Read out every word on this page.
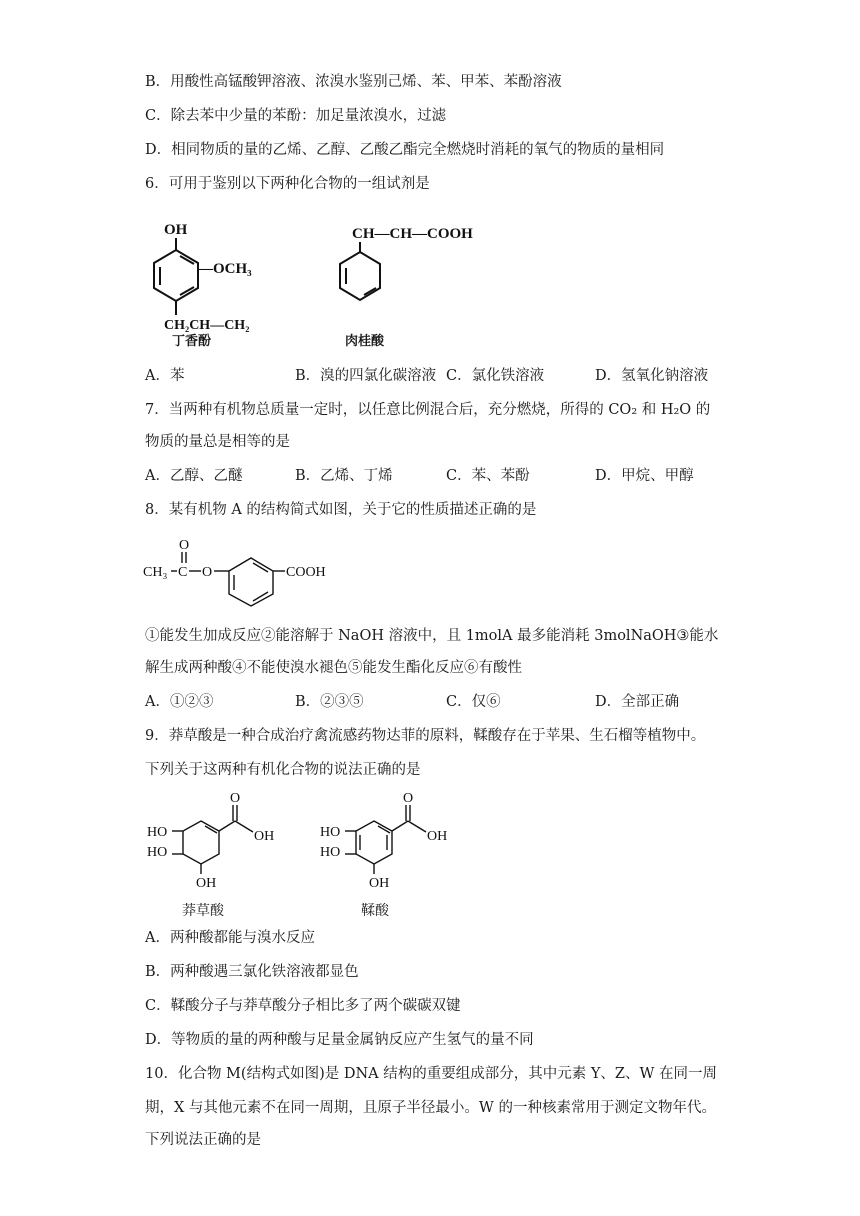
B．用酸性高锰酸钾溶液、浓溴水鉴别己烯、苯、甲苯、苯酚溶液
C．除去苯中少量的苯酚：加足量浓溴水，过滤
D．相同物质的量的乙烯、乙醇、乙酸乙酯完全燃烧时消耗的氧气的物质的量相同
6．可用于鉴别以下两种化合物的一组试剂是
OH
—OCH₃
CH₂CH—CH₂
丁香酚
CH—CH—COOH
肉桂酸
A．苯	B．溴的四氯化碳溶液 C．氯化铁溶液	D．氢氧化钠溶液
7．当两种有机物总质量一定时，以任意比例混合后，充分燃烧，所得的 CO₂ 和 H₂O 的
物质的量总是相等的是
A．乙醇、乙醚	B．乙烯、丁烯	C．苯、苯酚	D．甲烷、甲醇
8．某有机物 A 的结构简式如图，关于它的性质描述正确的是
O
CH₃ C O	COOH
①能发生加成反应②能溶解于 NaOH 溶液中，且 1molA 最多能消耗 3molNaOH③能水
解生成两种酸④不能使溴水褪色⑤能发生酯化反应⑥有酸性
A．①②③	B．②③⑤	C．仅⑥	D．全部正确
9．莽草酸是一种合成治疗禽流感药物达菲的原料，鞣酸存在于苹果、生石榴等植物中。
下列关于这两种有机化合物的说法正确的是
O
OH
HO
HO
OH
莽草酸
O
OH
HO
HO
OH
鞣酸
A．两种酸都能与溴水反应
B．两种酸遇三氯化铁溶液都显色
C．鞣酸分子与莽草酸分子相比多了两个碳碳双键
D．等物质的量的两种酸与足量金属钠反应产生氢气的量不同
10．化合物 M(结构式如图)是 DNA 结构的重要组成部分，其中元素 Y、Z、W 在同一周
期，X 与其他元素不在同一周期，且原子半径最小。W 的一种核素常用于测定文物年代。
下列说法正确的是
